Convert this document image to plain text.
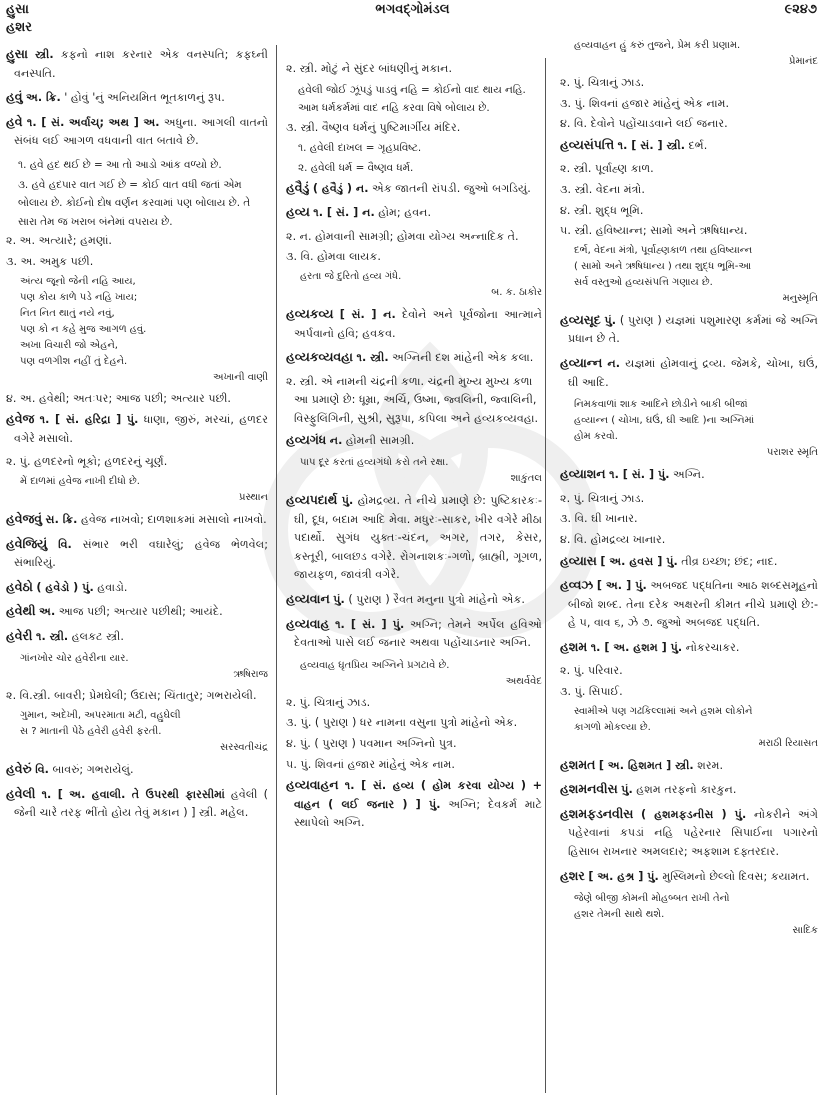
હુસા	ભગવદ્ગોમંડલ	૯૨૪૭
હશર

હુસા સ્ત્રી. કફનો નાશ કરનાર એક વનસ્પતિ; કફઘ્ની વનસ્પતિ.

હવું અ. ક્રિ. ' હોવું 'નું અનિયમિત ભૂતકાળનું રૂપ.

હવે ૧. [ સં. અર્વાચ્; અથ ] અ. અધુના. આગલી વાતનો સંબંધ લઈ આગળ વધવાની વાત બતાવે છે.

૧. હવે હદ થઈ છે = આ તો આડો આંક વળ્યો છે.

૩. હવે હદપાર વાત ગઈ છે = કોઈ વાત વધી જતાં એમ બોલાય છે. કોઈનો દોષ વર્ણન કરવામાં પણ બોલાય છે. તે સારા તેમ જ ખરાબ બંનેમાં વપરાય છે.

૨. અ. અત્યારે; હમણાં.

૩. અ. અમુક પછી.

અંત્ય જૂનો જેની નહિ આય,

પણ કોય કાળે પડે નહિ ખાય;

નિત નિત થાતું નયે નવું,

પણ કો ન કહે મુજ આગળ હવું.

અખા વિચારી જો એહને,

પણ વળગીશ નહીં તું દેહને.

અખાની વાણી

૪. અ. હવેથી; અતઃપર; આજ પછી; અત્યાર પછી.

હવેજ ૧. [ સં. હરિદ્રા ] પું. ધાણા, જીરું, મરચાં, હળદર વગેરે મસાલો.

૨. પું. હળદરનો ભૂકો; હળદરનું ચૂર્ણ.

મેં દાળમાં હવેજ નાખી દીધો છે.

પ્રસ્થાન

હવેજવું સ. ક્રિ. હવેજ નાખવો; દાળશાકમાં મસાલો નાખવો.

હવેજિયું વિ. સંભાર ભરી વઘારેલું; હવેજ ભેળવેલ; સંભારિયું.

હવેઠો ( હવેડો ) પું. હવાડો.

હવેથી અ. આજ પછી; અત્યાર પછીથી; આયંદે.

હવેરી ૧. સ્ત્રી. હલકટ સ્ત્રી.

ગાંનખોર ચોર હવેરીના યાર.

ઋષિરાજ

૨. વિ.સ્ત્રી. બાવરી; પ્રેમઘેલી; ઉદાસ; ચિંતાતુર; ગભરાયેલી.

ગુમાન, અદેખી, અપરમાતા મટી, વહુઘેલી

સ ? માતાની પેઠે હવેરી હવેરી ફરતી.

સરસ્વતીચંદ્ર

હવેરું વિ. બાવરું; ગભરાયેલું.

હવેલી ૧. [ અ. હવાલી. તે ઉપરથી ફારસીમાં હવેલી ( જેની ચારે તરફ ભીંતો હોય તેવું મકાન ) ] સ્ત્રી. મહેલ.

૨. સ્ત્રી. મોટું ને સુંદર બાંધણીનું મકાન.

હવેલી જોઈ ઝૂંપડું પાડવું નહિ = કોઈનો વાદ થાય નહિ. આમ ધર્મકર્મમાં વાદ નહિ કરવા વિષે બોલાય છે.

૩. સ્ત્રી. વૈષ્ણવ ધર્મનું પુષ્ટિમાર્ગીય મંદિર.

૧. હવેલી દાખલ = ગૃહપ્રવિષ્ટ.

૨. હવેલી ધર્મ = વૈષ્ણવ ધર્મ.

હવૈડું ( હવૈડું ) ન. એક જાતની રાંપડી. જુઓ બગડિયું.

હવ્ય ૧. [ સં. ] ન. હોમ; હવન.

૨. ન. હોમવાની સામગ્રી; હોમવા યોગ્ય અન્નાદિક તે.

૩. વિ. હોમવા લાયક.

હરતા જે દુરિતો હવ્ય ગંધે.

બ. ક. ઠાકોર

હવ્યકવ્ય [ સં. ] ન. દેવોને અને પૂર્વજોના આત્માને અર્પવાનો હવિ; હવકવ.

હવ્યકવ્યવહા ૧. સ્ત્રી. અગ્નિની દશ માંહેની એક કલા.

૨. સ્ત્રી. એ નામની ચંદ્રની કળા. ચંદ્રની મુખ્ય મુખ્ય કળા આ પ્રમાણે છે: ધૂમ્રા, અર્ચિ, ઉષ્મા, જ્વલિની, જ્વાલિની, વિસ્ફુલિંગિની, સુશ્રી, સુરૂપા, કપિલા અને હવ્યકવ્યવહા.

હવ્યગંધ ન. હોમની સામગ્રી.

પાપ દૂર કરતાં હવ્યગંધો કરો તને રક્ષા.

શાકુંતલ

હવ્યપદાર્થ પું. હોમદ્રવ્ય. તે નીચે પ્રમાણે છે: પુષ્ટિકારકઃ-ઘી, દૂધ, બદામ આદિ મેવા. મધુરઃ-સાકર, ખીર વગેરે મીઠા પદાર્થો. સુગંધ યુક્તઃ-ચંદન, અગર, તગર, કેસર, કસ્તૂરી, બાલછડ વગેરે. રોગનાશકઃ-ગળો, બ્રાહ્મી, ગૂગળ, જાયફળ, જાવંત્રી વગેરે.

હવ્યવાન પું. ( પુરાણ ) રૈવત મનુના પુત્રો માંહેનો એક.

હવ્યવાહ ૧. [ સં. ] પું. અગ્નિ; તેમને અર્પેલ હવિઓ દેવતાઓ પાસે લઈ જનાર અથવા પહોંચાડનાર અગ્નિ.

હવ્યવાહ ઘૃતપ્રિય અગ્નિને પ્રગટાવે છે.

અથર્વવેદ

૨. પું. ચિત્રાનું ઝાડ.

૩. પું. ( પુરાણ ) ધર નામના વસુના પુત્રો માંહેનો એક.

૪. પું. ( પુરાણ ) પવમાન અગ્નિનો પુત્ર.

૫. પું. શિવનાં હજાર માંહેનું એક નામ.

હવ્યવાહન ૧. [ સં. હવ્ય ( હોમ કરવા યોગ્ય ) + વાહન ( લઈ જનાર ) ] પું. અગ્નિ; દેવકર્મ માટે સ્થાપેલો અગ્નિ.

હવ્યવાહન હું કરું તુજને, પ્રેમ કરી પ્રણામ.

પ્રેમાનંદ

૨. પું. ચિત્રાનું ઝાડ.

૩. પું. શિવનાં હજાર માંહેનું એક નામ.

૪. વિ. દેવોને પહોંચાડવાને લઈ જનાર.

હવ્યસંપત્તિ ૧. [ સં. ] સ્ત્રી. દર્ભ.

૨. સ્ત્રી. પૂર્વાહ્ણ કાળ.

૩. સ્ત્રી. વેદના મંત્રો.

૪. સ્ત્રી. શુદ્ધ ભૂમિ.

૫. સ્ત્રી. હવિષ્યાન્ન; સામો અને ઋષિધાન્ય.

દર્ભ, વેદના મંત્રો, પૂર્વાહ્ણકાળ તથા હવિષ્યાન્ન

( સામો અને ઋષિધાન્ય ) તથા શુદ્ધ ભૂમિ-આ

સર્વ વસ્તુઓ હવ્યસંપત્તિ ગણાય છે.

મનુસ્મૃતિ

હવ્યસૂદ પું. ( પુરાણ ) યજ્ઞમાં પશુમારણ કર્મમાં જે અગ્નિ પ્રધાન છે તે.

હવ્યાન્ન ન. યજ્ઞમાં હોમવાનું દ્રવ્ય. જેમકે, ચોખા, ઘઉં, ઘી આદિ.

નિમકવાળાં શાક આદિને છોડીને બાકી બીજાં

હવ્યાન્ન ( ચોખા, ઘઉં, ઘી આદિ )ના અગ્નિમાં

હોમ કરવો.

પરાશર સ્મૃતિ

હવ્યાશન ૧. [ સં. ] પું. અગ્નિ.

૨. પું. ચિત્રાનું ઝાડ.

૩. વિ. ઘી ખાનાર.

૪. વિ. હોમદ્રવ્ય ખાનાર.

હવ્યાસ [ અ. હવસ ] પું. તીવ્ર ઇચ્છા; છંદ; નાદ.

હવ્વઝ [ અ. ] પું. અબજદ પદ્ધતિના આઠ શબ્દસમૂહનો બીજો શબ્દ. તેના દરેક અક્ષરની કીમત નીચે પ્રમાણે છે:-હે ૫, વાવ ૬, ઝે ૭. જુઓ અબજદ પદ્ધતિ.

હશમ ૧. [ અ. હશમ ] પું. નોકરચાકર.

૨. પું. પરિવાર.

૩. પું. સિપાઈ.

સ્વામીએ પણ ગઢકિલ્લામાં અને હશમ લોકોને

કાગળો મોકલ્યા છે.

મરાઠી રિયાસત

હશમત [ અ. હિશમત ] સ્ત્રી. શરમ.

હશમનવીસ પું. હશમ તરફનો કારકુન.

હશમફડનવીસ ( હશમફડનીસ ) પું. નોકરીને અંગે પહેરવાનાં કપડાં નહિ પહેરનાર સિપાઈના પગારનો હિસાબ રાખનાર અમલદાર; અફશામ દફ્તરદાર.

હશર [ અ. હશ્ર ] પું. મુસ્લિમનો છેલ્લો દિવસ; કયામત.

જેણે બીજી કોમની મોહબ્બત રાખી તેનો

હશર તેમની સાથે થશે.

સાદિક
